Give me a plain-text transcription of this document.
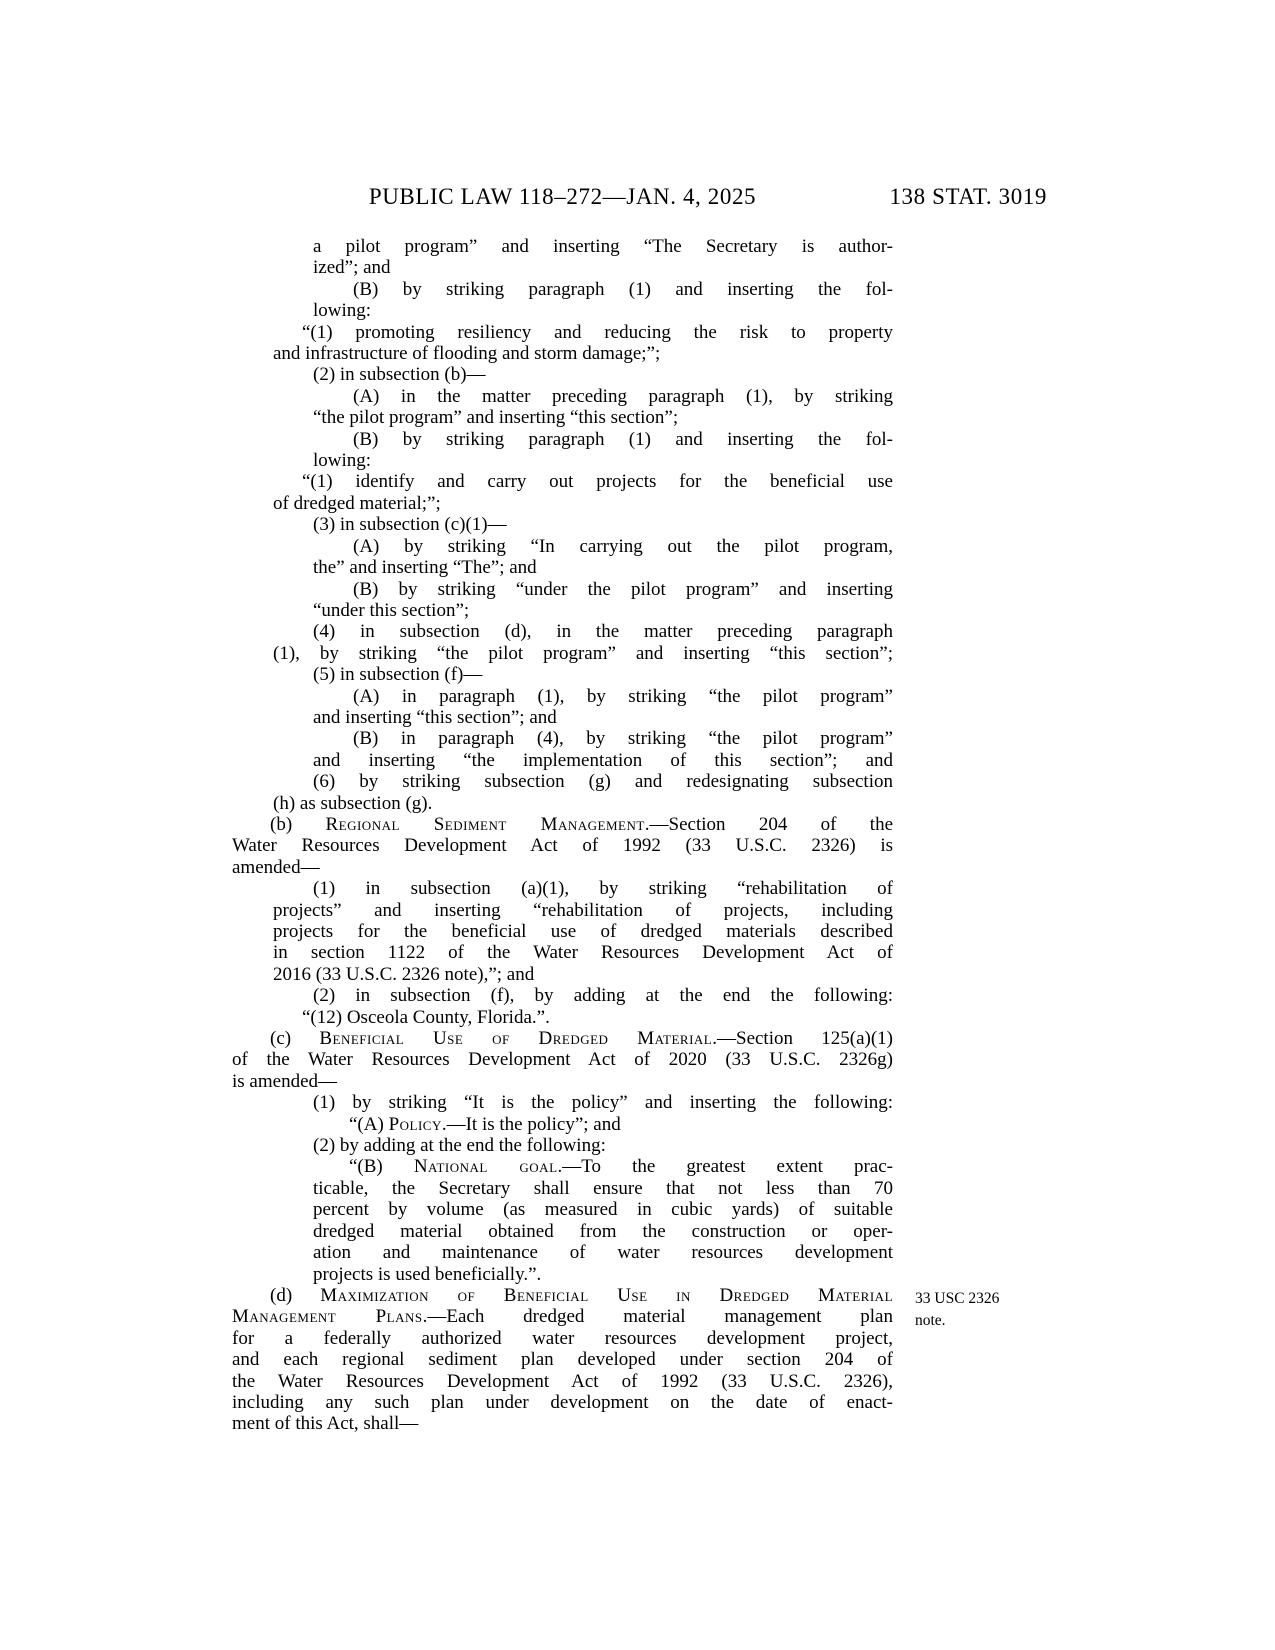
PUBLIC LAW 118–272—JAN. 4, 2025	138 STAT. 3019
a pilot program” and inserting “The Secretary is author-
ized”; and
(B) by striking paragraph (1) and inserting the fol-
lowing:
“(1) promoting resiliency and reducing the risk to property
and infrastructure of flooding and storm damage;”;
(2) in subsection (b)—
(A) in the matter preceding paragraph (1), by striking
“the pilot program” and inserting “this section”;
(B) by striking paragraph (1) and inserting the fol-
lowing:
“(1) identify and carry out projects for the beneficial use
of dredged material;”;
(3) in subsection (c)(1)—
(A) by striking “In carrying out the pilot program,
the” and inserting “The”; and
(B) by striking “under the pilot program” and inserting
“under this section”;
(4) in subsection (d), in the matter preceding paragraph
(1), by striking “the pilot program” and inserting “this section”;
(5) in subsection (f)—
(A) in paragraph (1), by striking “the pilot program”
and inserting “this section”; and
(B) in paragraph (4), by striking “the pilot program”
and inserting “the implementation of this section”; and
(6) by striking subsection (g) and redesignating subsection
(h) as subsection (g).
(b) Regional Sediment Management.—Section 204 of the
Water Resources Development Act of 1992 (33 U.S.C. 2326) is
amended—
(1) in subsection (a)(1), by striking “rehabilitation of
projects” and inserting “rehabilitation of projects, including
projects for the beneficial use of dredged materials described
in section 1122 of the Water Resources Development Act of
2016 (33 U.S.C. 2326 note),”; and
(2) in subsection (f), by adding at the end the following:
“(12) Osceola County, Florida.”.
(c) Beneficial Use of Dredged Material.—Section 125(a)(1)
of the Water Resources Development Act of 2020 (33 U.S.C. 2326g)
is amended—
(1) by striking “It is the policy” and inserting the following:
“(A) Policy.—It is the policy”; and
(2) by adding at the end the following:
“(B) National goal.—To the greatest extent prac-
ticable, the Secretary shall ensure that not less than 70
percent by volume (as measured in cubic yards) of suitable
dredged material obtained from the construction or oper-
ation and maintenance of water resources development
projects is used beneficially.”.
(d) Maximization of Beneficial Use in Dredged Material
Management Plans.—Each dredged material management plan
for a federally authorized water resources development project,
and each regional sediment plan developed under section 204 of
the Water Resources Development Act of 1992 (33 U.S.C. 2326),
including any such plan under development on the date of enact-
ment of this Act, shall—
33 USC 2326
note.
